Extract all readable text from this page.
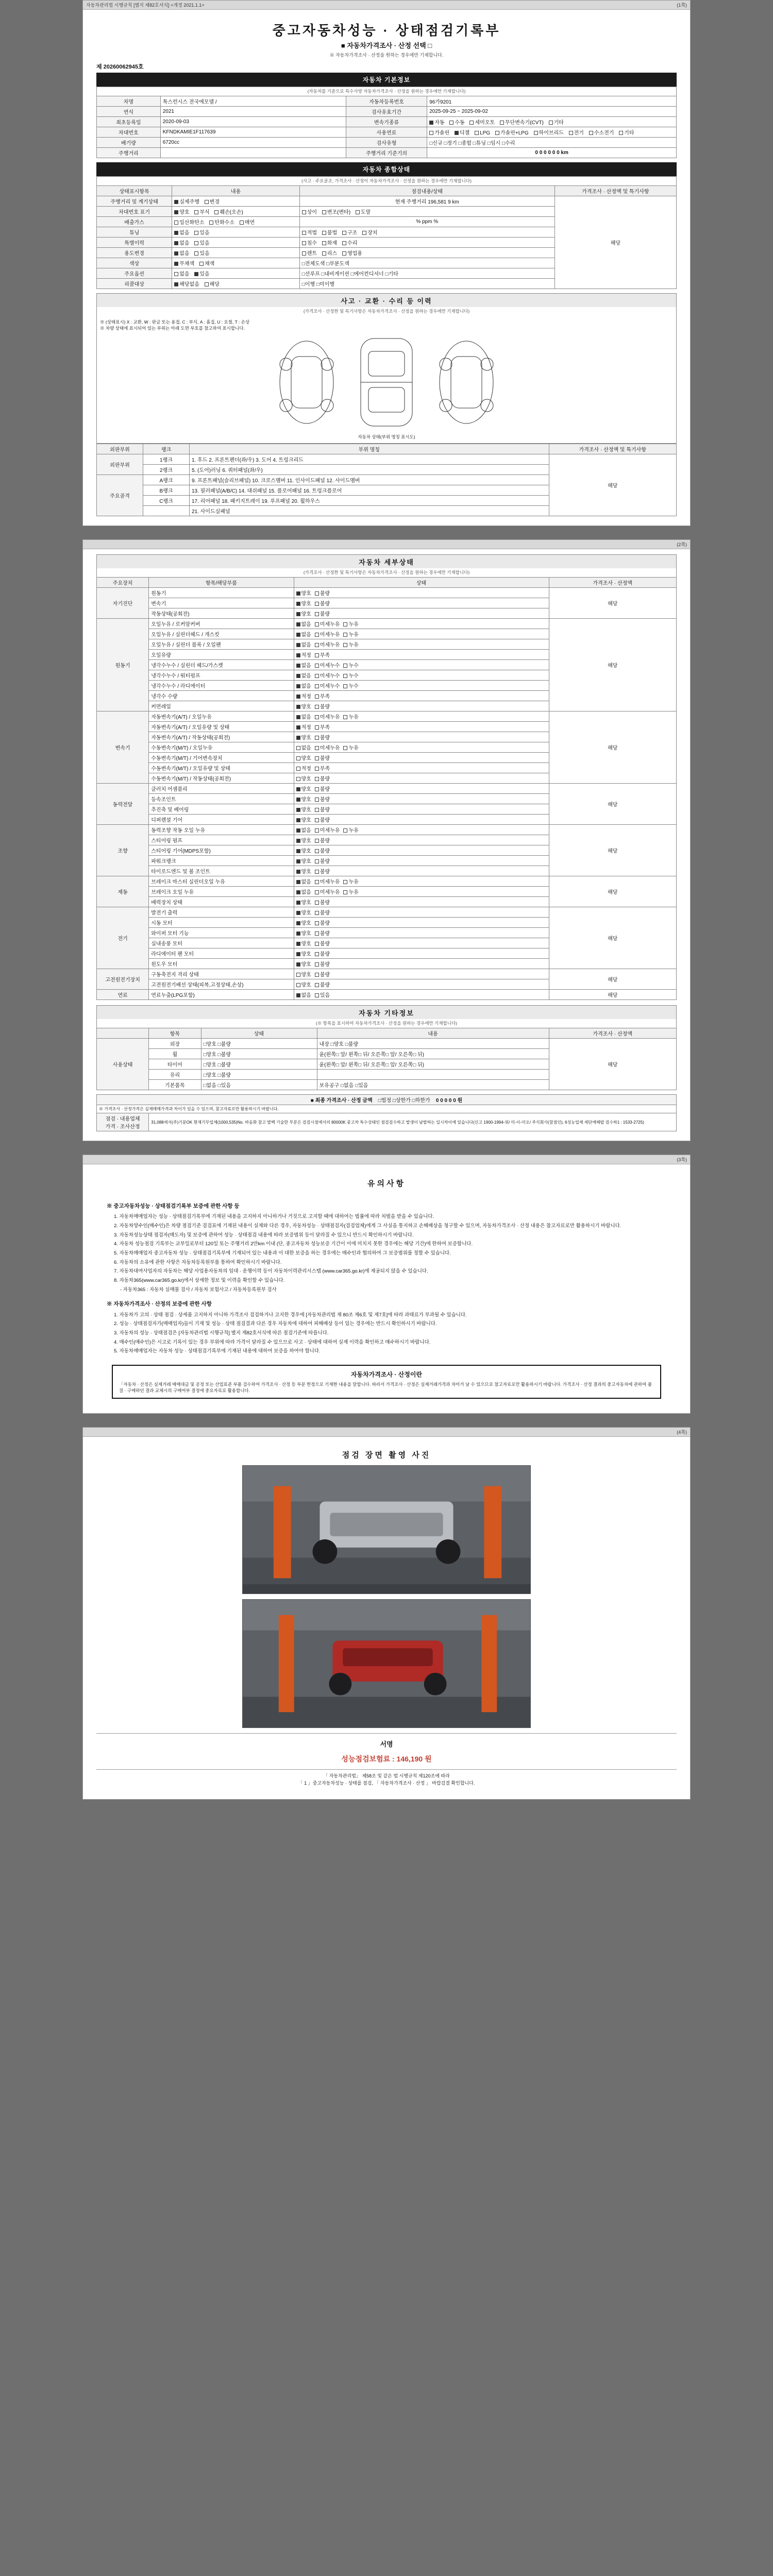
자동차관리법 시행규칙 [별지 제82호서식] <개정 2021.1.1>	(1쪽)
중고자동차성능 · 상태점검기록부
■ 자동차가격조사 · 산정 선택 □
※ 자동차가격조사 · 산정을 원하는 경우에만 기재합니다.
제 20260062945호
자동차 기본정보
(자동차를 기준으로 특수사양 자동차가격조사 · 산정을 원하는 경우에만 기재합니다)
차명	톡스런시스 전국에모델 /	자동차등록번호	96가9201
연식	2021	검사유효기간	2025-09-25 ~ 2025-09-02
최초등록일	2020-09-03	변속기종류	자동 수동 세미오토 무단변속기(CVT) 기타
차대번호	KFNDKAMIE1F117639	사용연료	가솔린 디젤 LPG 가솔린+LPG 하이브리드 전기 수소전기 기타
배기량	6720cc	검사유형	□신규 □정기 □종합 □튜닝 □임시 □수리
주행거리		주행거리 기준기의	0 0 0 0 0 0 km
자동차 종합상태
(사고 · 주요골조, 가격조사 · 산정이 자동차가격조사 · 산정을 원하는 경우에만 기재합니다)
상태표시항목	내용	점검내용/상태	가격조사 · 산정액 및 특기사항
주행거리 및 계기상태	실제주행 변경	현재 주행거리 196,581 9 km	해당
차대번호 표기	양호 부식 훼손(오손)	상이 변조(변타) 도말	
배출가스	일산화탄소 탄화수소 매연	% ppm %	
튜닝	없음 있음	적법 불법 구조 장치	
특별이력	없음 있음	침수 화재 수리	
용도변경	없음 있음	렌트 리스 영업용	
색상	무채색 채색	□전체도색 □부분도색	
주요옵션	없음 있음	□선루프 □내비게이션 □에어컨디셔너 □기타	
리콜대상	해당없음 해당	□이행 □미이행	
사고 · 교환 · 수리 등 이력
(가격조사 · 산정한 및 특기사항은 자동차가격조사 · 산정을 원하는 경우에만 기재합니다)
※ (상태표시) X : 교환, W : 판금 또는 용접, C : 부식, A : 흠집, U : 요철, T : 손상
※ 차량 상태에 표시되어 있는 부위는 아래 도면 부호를 참고하여 표시합니다.
자동차 상태(부위 명칭 표시도)
외판부위	랭크	부위 명칭	가격조사 · 산정액 및 특기사항
외판부위	1랭크	1. 후드 2. 프론트펜더(좌/우) 3. 도어 4. 트렁크리드	해당
	2랭크	5. (도어)러닝 6. 쿼터패널(좌/우)	
주요골격	A랭크	9. 프론트패널(슬리브패널) 10. 크로스멤버 11. 인사이드패널 12. 사이드멤버	
	B랭크	13. 필러패널(A/B/C) 14. 대쉬패널 15. 플로어패널 16. 트렁크플로어	
	C랭크	17. 리어패널 18. 패키지트레이 19. 루프패널 20. 휠하우스	
		21. 사이드실패널	
(2쪽)
자동차 세부상태
(가격조사 · 산정한 및 특기사항은 자동차가격조사 · 산정을 원하는 경우에만 기재합니다)
주요장치	항목/해당부품	상태	가격조사 · 산정액
자기진단	원동기	양호 불량	해당
	변속기	양호 불량	
	작동상태(공회전)	양호 불량	
원동기	오일누유 / 로커암커버	없음 미세누유 누유	해당
	오일누유 / 실린더헤드 / 개스킷	없음 미세누유 누유	
	오일누유 / 실린더 블록 / 오일팬	없음 미세누유 누유	
	오일유량	적정 부족	
	냉각수누수 / 실린더 헤드/가스켓	없음 미세누수 누수	
	냉각수누수 / 워터펌프	없음 미세누수 누수	
	냉각수누수 / 라디에이터	없음 미세누수 누수	
	냉각수 수량	적정 부족	
	커먼레일	양호 불량	
변속기	자동변속기(A/T) / 오일누유	없음 미세누유 누유	해당
	자동변속기(A/T) / 오일유량 및 상태	적정 부족	
	자동변속기(A/T) / 작동상태(공회전)	양호 불량	
	수동변속기(M/T) / 오일누유	없음 미세누유 누유	
	수동변속기(M/T) / 기어변속장치	양호 불량	
	수동변속기(M/T) / 오일유량 및 상태	적정 부족	
	수동변속기(M/T) / 작동상태(공회전)	양호 불량	
동력전달	클러치 어셈블리	양호 불량	해당
	등속조인트	양호 불량	
	추진축 및 베어링	양호 불량	
	디퍼렌셜 기어	양호 불량	
조향	동력조향 작동 오일 누유	없음 미세누유 누유	해당
	스티어링 펌프	양호 불량	
	스티어링 기어(MDPS포함)	양호 불량	
	파워크랭크	양호 불량	
	타이로드엔드 및 볼 조인트	양호 불량	
제동	브레이크 마스터 실린더오일 누유	없음 미세누유 누유	해당
	브레이크 오일 누유	없음 미세누유 누유	
	배력장치 상태	양호 불량	
전기	발전기 출력	양호 불량	해당
	시동 모터	양호 불량	
	와이퍼 모터 기능	양호 불량	
	실내송풍 모터	양호 불량	
	라디에이터 팬 모터	양호 불량	
	윈도우 모터	양호 불량	
고전원전기장치	구동축전지 격리 상태	양호 불량	해당
	고전원전기배선 상태(피복,고정상태,손상)	양호 불량	
연료	연료누출(LPG포함)	없음 있음	해당
자동차 기타정보
(※ 항목을 표시하여 자동차가격조사 · 산정을 원하는 경우에만 기재합니다)
	항목	상태	내용	가격조사 · 산정액
사용상태	외장	□양호 □불량	내장 □양호 □불량	해당
	휠	□양호 □불량	윤(왼쪽□ 앞/ 왼쪽□ 뒤/ 오른쪽□ 앞/ 오른쪽□ 뒤)	
	타이어	□양호 □불량	윤(왼쪽□ 앞/ 왼쪽□ 뒤/ 오른쪽□ 앞/ 오른쪽□ 뒤)	
	유리	□양호 □불량		
	기본품목	□없음 □있음	보유공구 □없음 □있음	
■ 최종 가격조사 · 산정 금액 □법정 □상한가 □하한가 0 0 0 0 0 원
※ 가격조사 · 산정가격은 실제매매가격과 차이가 있을 수 있으며, 참고자료로만 활용하시기 바랍니다.

점검 · 내용업체
가격 · 조사산정
	31,088세서(주)기문OK 현재기무업체(1000,535)No. 바음화 참고 발백 기술한 부분은 검검시점에서의 80000K 중고차 특수상태인 점검검수하고 발생이 남발하는 일시차이에 있습니다(신고 1900-1994-위/ 미-이-미오/ 주식회사(참점인), 6성능업체 세단에헤랍 검수하1 : 1533-2725)
(3쪽)
유의사항
※ 중고자동차성능 · 상태점검기록부 보증에 관한 사항 등

1. 자동차매매업자는 성능 · 상태점검기록부에 기재된 내용을 고지하지 아니하거나 거짓으로 고지할 때에 대하여는 법률에 따라 처벌을 받을 수 있습니다.

2. 자동차양수인(매수인)은 차량 점검기준 검검표에 기재된 내용이 실제와 다른 경우, 자동차성능 · 상태점검자(검검업체)에게 그 사실을 통지하고 손해배상을 청구할 수 있으며, 자동차가격조사 · 산정 내용은 참고자료로만 활용하시기 바랍니다.

3. 자동차성능상태 점검자(매도자) 및 보증에 관하여 성능 · 상태점검 내용에 따라 보증범위 등이 달라질 수 있으니 반드시 확인하시기 바랍니다.

4. 자동차 성능점검 기록부는 교부일로부터 120일 또는 주행거리 2만km 이내 (단, 중고자동차 성능보증 기간이 이에 미치지 못한 경우에는 해당 기간)에 한하여 보증합니다.

5. 자동차매매업자 중고자동차 성능 · 상태점검기록부에 기재되어 있는 내용과 이 대한 보증을 하는 경우에는 매수인과 협의하여 그 보증범위를 정할 수 있습니다.

6. 자동차의 소유에 관한 사항은 자동차등록원부를 통하여 확인하시기 바랍니다.

7. 자동차대여사업자의 자동차는 해당 사업용자동차의 임대 · 운행이력 등이 자동차이력관리시스템 (www.car365.go.kr)에 제공되지 않을 수 있습니다.

8. 자동차365(www.car365.go.kr)에서 상세한 정보 및 이력을 확인할 수 있습니다.

- 자동차365 : 자동차 실매물 검사 / 자동차 보험사고 / 자동차등록원부 검사

※ 자동차가격조사 · 산정의 보증에 관한 사항

1. 자동차가 고의 · 상태 점검 · 상세품 고지하지 아니하 가격조사 검검하거나 고지한 경우에 [자동차관리법 제 80조 제6호 및 제7호]에 따라 과태료가 부과될 수 있습니다.

2. 성능 · 상태점검자가(매매업자)들이 기재 및 성능 · 상태 점검결과 다른 경우 자동차에 대하여 피해배상 등이 있는 경우에는 반드시 확인하시기 바랍니다.

3. 자동차의 성능 · 상태점검은 [자동차관리법 시행규칙] 별지 제82호서식에 따른 점검기준에 따릅니다.

4. 매수인(매수인)은 시고로 기록이 있는 경우 부위에 따라 가격이 달라질 수 있으므로 사고 · 상태에 대하여 실제 이력을 확인하고 매수하시기 바랍니다.

5. 자동차매매업자는 자동차 성능 · 상태점검기록부에 기재된 내용에 대하여 보증을 하여야 합니다.

자동차가격조사 · 산정이란
「자동차 · 산정은 실제거래 매매대금 및 공정 또는 산업표준 부품 검수하여 가격조사 · 산정 등 부문 한정으로 기재한 내용을 말합니다. 따라서 가격조사 · 산정은 실제거래가격과 차이가 날 수 있으므로 참고자료로만 활용하시기 바랍니다. 가격조사 · 산정 결과의 중고자동차에 관하여 품질 · 구매하던 결과 교체시의 구매여부 결정에 중요자료로 활용합니다.
(4쪽)
점검 장면 촬영 사진
서명
성능점검보험료 : 146,190 원
「 자동차관리법」 제58조 및 같은 법 시행규칙 제120조에 따라
「 1 」중고자동차성능 · 상태를 점검, 「 자동차가격조사 · 산정 」 바랍검결 확인합니다.
